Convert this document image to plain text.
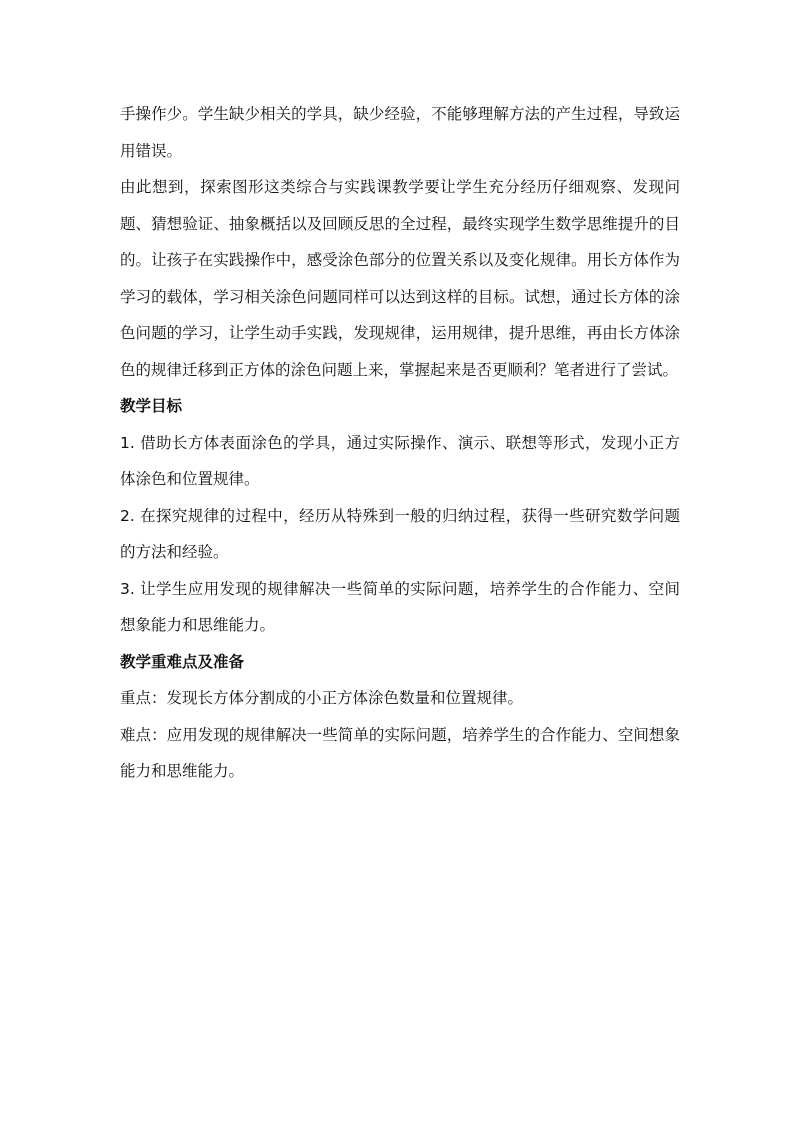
手操作少。学生缺少相关的学具，缺少经验，不能够理解方法的产生过程，导致运用错误。

由此想到，探索图形这类综合与实践课教学要让学生充分经历仔细观察、发现问题、猜想验证、抽象概括以及回顾反思的全过程，最终实现学生数学思维提升的目的。让孩子在实践操作中，感受涂色部分的位置关系以及变化规律。用长方体作为学习的载体，学习相关涂色问题同样可以达到这样的目标。试想，通过长方体的涂色问题的学习，让学生动手实践，发现规律，运用规律，提升思维，再由长方体涂色的规律迁移到正方体的涂色问题上来，掌握起来是否更顺利？笔者进行了尝试。

教学目标

1. 借助长方体表面涂色的学具，通过实际操作、演示、联想等形式，发现小正方体涂色和位置规律。

2. 在探究规律的过程中，经历从特殊到一般的归纳过程，获得一些研究数学问题的方法和经验。

3. 让学生应用发现的规律解决一些简单的实际问题，培养学生的合作能力、空间想象能力和思维能力。

教学重难点及准备

重点：发现长方体分割成的小正方体涂色数量和位置规律。

难点：应用发现的规律解决一些简单的实际问题，培养学生的合作能力、空间想象能力和思维能力。
